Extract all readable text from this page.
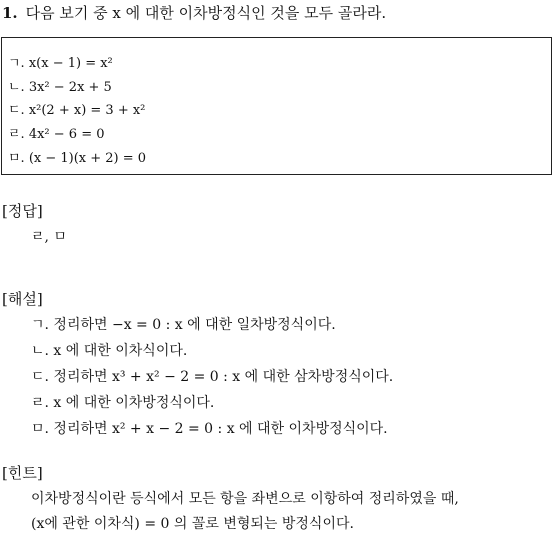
1. 다음 보기 중 x 에 대한 이차방정식인 것을 모두 골라라.
ㄱ. x(x − 1) = x²
ㄴ. 3x² − 2x + 5
ㄷ. x²(2 + x) = 3 + x²
ㄹ. 4x² − 6 = 0
ㅁ. (x − 1)(x + 2) = 0
[정답]
ㄹ, ㅁ
[해설]
ㄱ. 정리하면 −x = 0 : x 에 대한 일차방정식이다.
ㄴ. x 에 대한 이차식이다.
ㄷ. 정리하면 x³ + x² − 2 = 0 : x 에 대한 삼차방정식이다.
ㄹ. x 에 대한 이차방정식이다.
ㅁ. 정리하면 x² + x − 2 = 0 : x 에 대한 이차방정식이다.
[힌트]
이차방정식이란 등식에서 모든 항을 좌변으로 이항하여 정리하였을 때,
(x에 관한 이차식) = 0 의 꼴로 변형되는 방정식이다.
